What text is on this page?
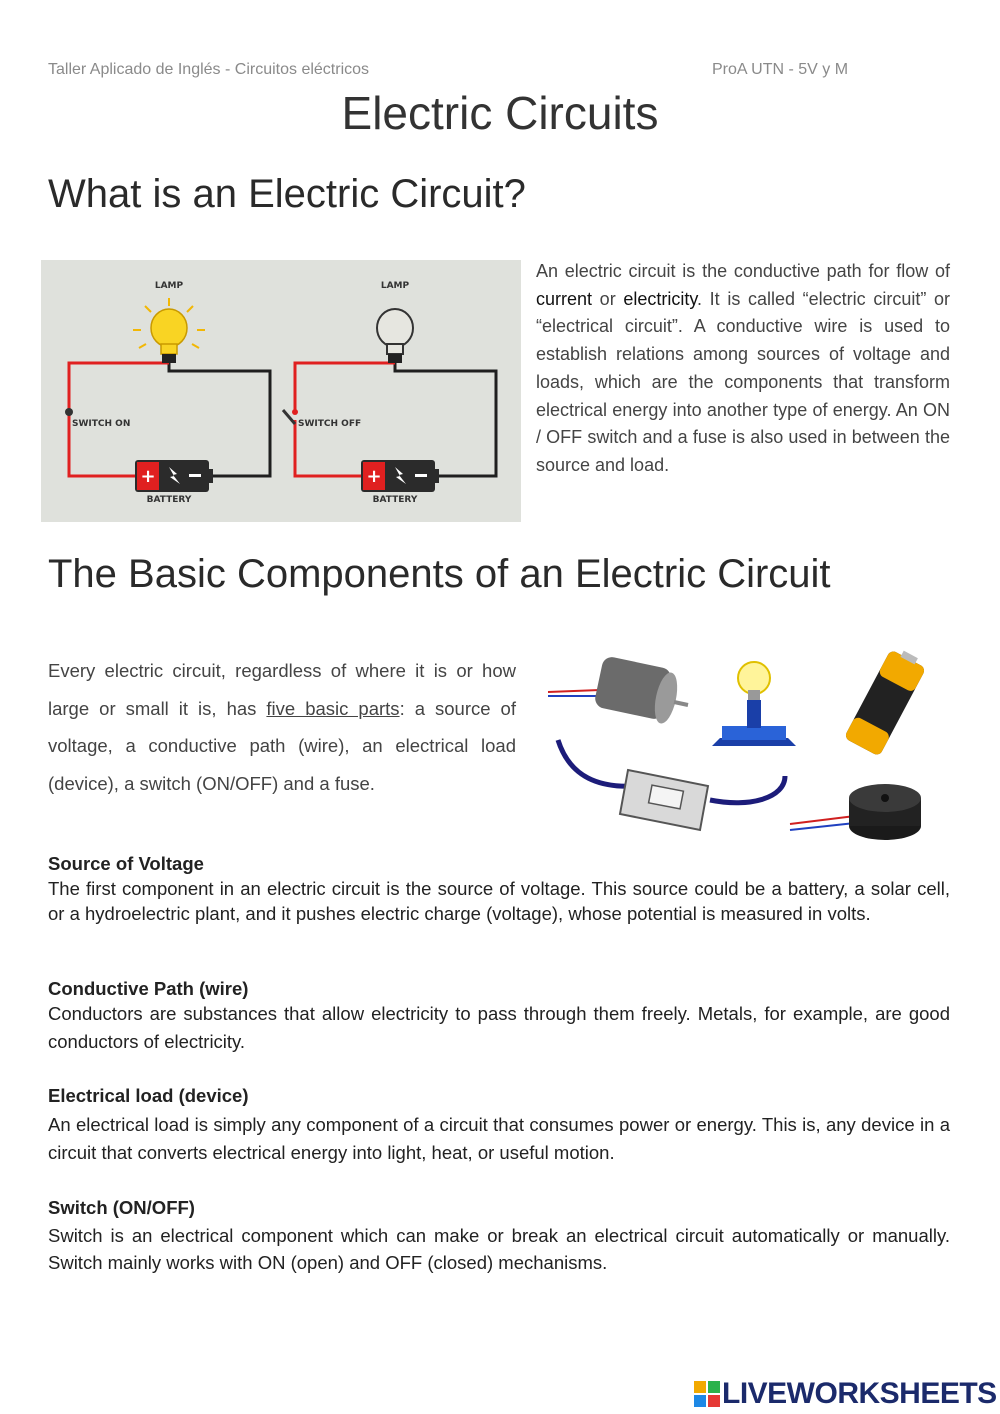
Taller Aplicado de Inglés - Circuitos eléctricos	ProA UTN - 5V y M
Electric Circuits
What is an Electric Circuit?
LAMP
SWITCH ON
+
BATTERY
LAMP
SWITCH OFF
+
BATTERY

An electric circuit is the conductive path for flow of current or electricity. It is called “electric circuit” or “electrical circuit”. A conductive wire is used to establish relations among sources of voltage and loads, which are the components that transform electrical energy into another type of energy. An ON / OFF switch and a fuse is also used in between the source and load.

The Basic Components of an Electric Circuit

Every electric circuit, regardless of where it is or how large or small it is, has five basic parts: a source of voltage, a conductive path (wire), an electrical load (device), a switch (ON/OFF) and a fuse.

Source of Voltage

The first component in an electric circuit is the source of voltage. This source could be a battery, a solar cell, or a hydroelectric plant, and it pushes electric charge (voltage), whose potential is measured in volts.

Conductive Path (wire)

Conductors are substances that allow electricity to pass through them freely. Metals, for example, are good conductors of electricity.

Electrical load (device)

An electrical load is simply any component of a circuit that consumes power or energy. This is, any device in a circuit that converts electrical energy into light, heat, or useful motion.

Switch (ON/OFF)

Switch is an electrical component which can make or break an electrical circuit automatically or manually. Switch mainly works with ON (open) and OFF (closed) mechanisms.

LIVEWORKSHEETS
